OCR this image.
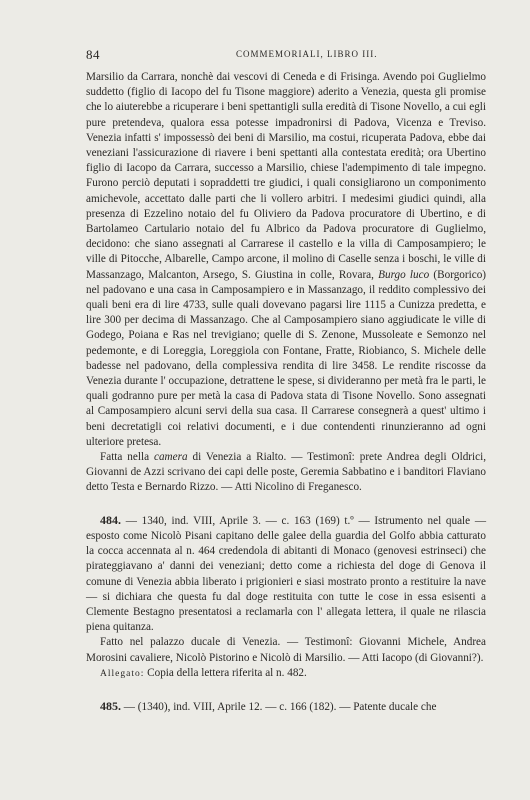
84	COMMEMORIALI, LIBRO III.

Marsilio da Carrara, nonchè dai vescovi di Ceneda e di Frisinga. Avendo poi Guglielmo suddetto (figlio di Iacopo del fu Tisone maggiore) aderito a Venezia, questa gli promise che lo aiuterebbe a ricuperare i beni spettantigli sulla eredità di Tisone Novello, a cui egli pure pretendeva, qualora essa potesse impadronirsi di Padova, Vicenza e Treviso. Venezia infatti s' impossessò dei beni di Marsilio, ma costui, ricuperata Padova, ebbe dai veneziani l'assicurazione di riavere i beni spettanti alla contestata eredità; ora Ubertino figlio di Iacopo da Carrara, successo a Marsilio, chiese l'adempimento di tale impegno. Furono perciò deputati i sopraddetti tre giudici, i quali consigliarono un componimento amichevole, accettato dalle parti che li vollero arbitri. I medesimi giudici quindi, alla presenza di Ezzelino notaio del fu Oliviero da Padova procuratore di Ubertino, e di Bartolameo Cartulario notaio del fu Albrico da Padova procuratore di Guglielmo, decidono: che siano assegnati al Carrarese il castello e la villa di Camposampiero; le ville di Pitocche, Albarelle, Campo arcone, il molino di Caselle senza i boschi, le ville di Massanzago, Malcanton, Arsego, S. Giustina in colle, Rovara, Burgo luco (Borgorico) nel padovano e una casa in Camposampiero e in Massanzago, il reddito complessivo dei quali beni era di lire 4733, sulle quali dovevano pagarsi lire 1115 a Cunizza predetta, e lire 300 per decima di Massanzago. Che al Camposampiero siano aggiudicate le ville di Godego, Poiana e Ras nel trevigiano; quelle di S. Zenone, Mussoleate e Semonzo nel pedemonte, e di Loreggia, Loreggiola con Fontane, Fratte, Riobianco, S. Michele delle badesse nel padovano, della complessiva rendita di lire 3458. Le rendite riscosse da Venezia durante l' occupazione, detrattene le spese, si divideranno per metà fra le parti, le quali godranno pure per metà la casa di Padova stata di Tisone Novello. Sono assegnati al Camposampiero alcuni servi della sua casa. Il Carrarese consegnerà a quest' ultimo i beni decretatigli coi relativi documenti, e i due contendenti rinunzieranno ad ogni ulteriore pretesa.

Fatta nella camera di Venezia a Rialto. — Testimonî: prete Andrea degli Oldrici, Giovanni de Azzi scrivano dei capi delle poste, Geremia Sabbatino e i banditori Flaviano detto Testa e Bernardo Rizzo. — Atti Nicolino di Freganesco.

484. — 1340, ind. VIII, Aprile 3. — c. 163 (169) t.º — Istrumento nel quale — esposto come Nicolò Pisani capitano delle galee della guardia del Golfo abbia catturato la cocca accennata al n. 464 credendola di abitanti di Monaco (genovesi estrinseci) che pirateggiavano a' danni dei veneziani; detto come a richiesta del doge di Genova il comune di Venezia abbia liberato i prigionieri e siasi mostrato pronto a restituire la nave — si dichiara che questa fu dal doge restituita con tutte le cose in essa esisenti a Clemente Bestagno presentatosi a reclamarla con l' allegata lettera, il quale ne rilascia piena quitanza.

Fatto nel palazzo ducale di Venezia. — Testimonî: Giovanni Michele, Andrea Morosini cavaliere, Nicolò Pistorino e Nicolò di Marsilio. — Atti Iacopo (di Giovanni?).

Allegato: Copia della lettera riferita al n. 482.

485. — (1340), ind. VIII, Aprile 12. — c. 166 (182). — Patente ducale che
